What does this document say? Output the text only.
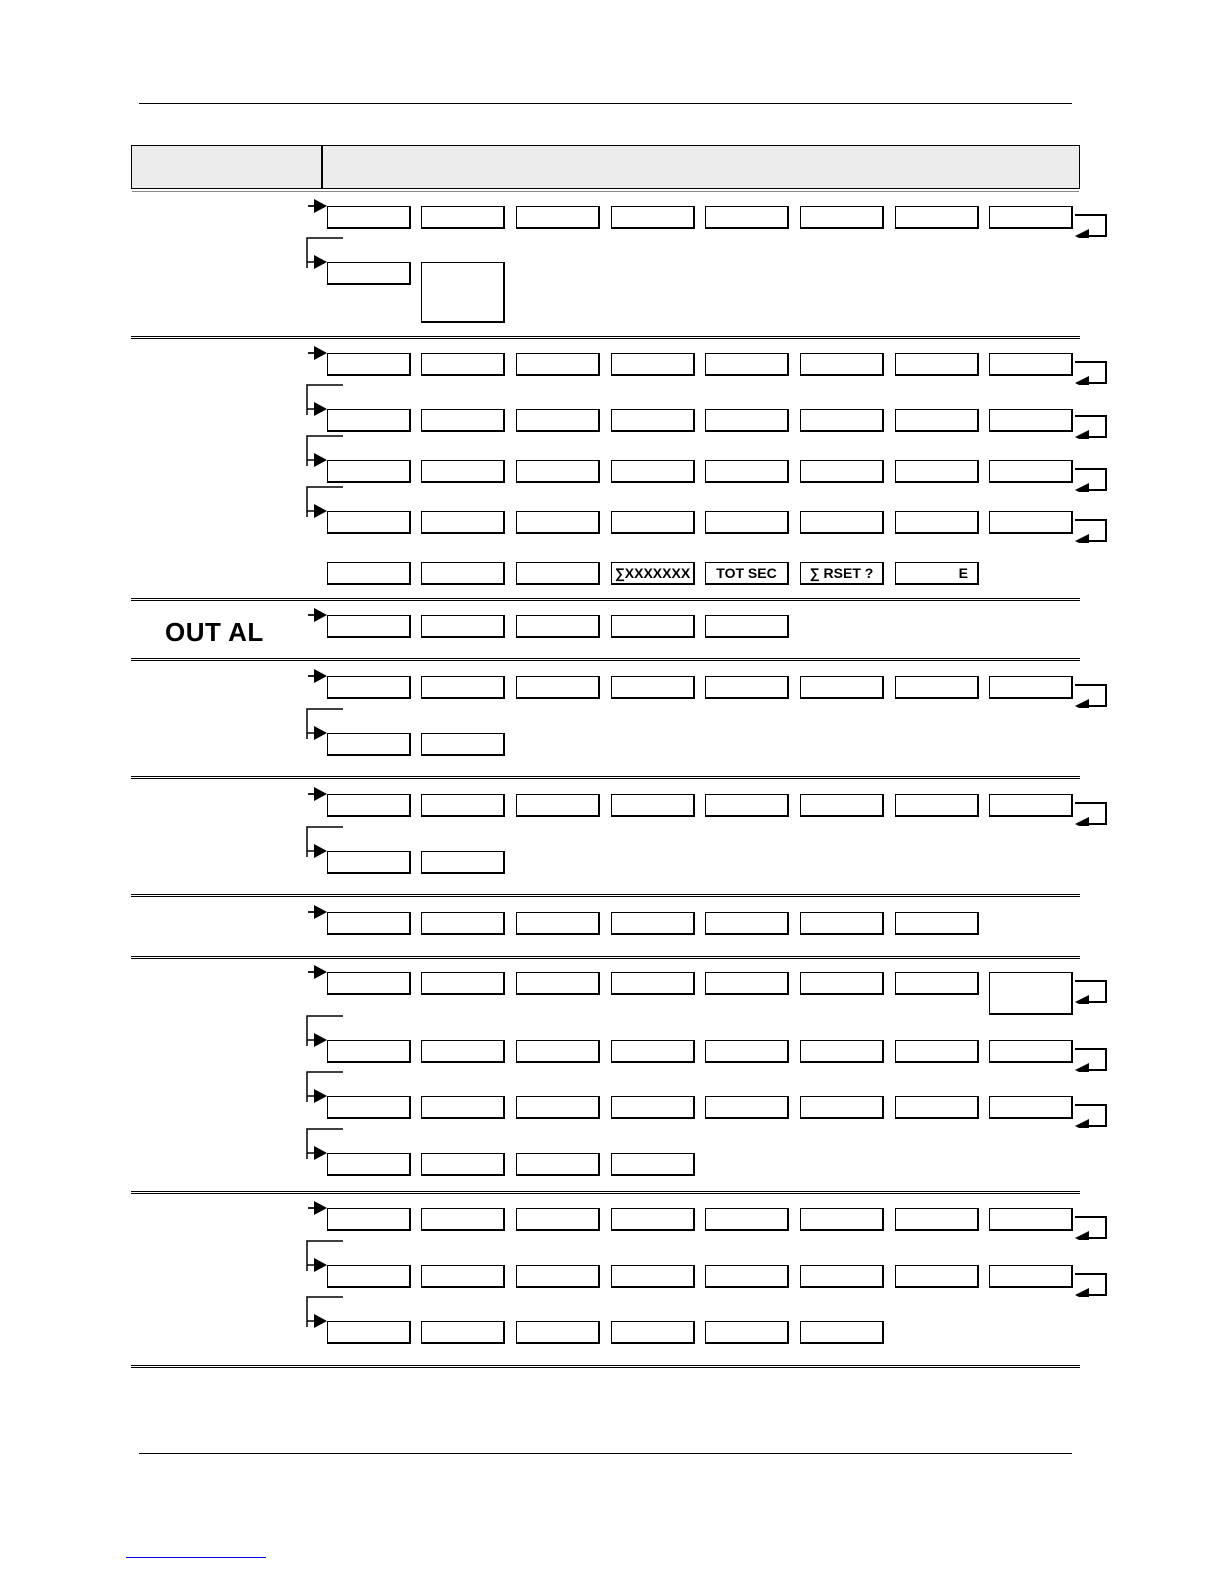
OUT AL
∑XXXXXXX	TOT SEC	∑ RSET ?	E
